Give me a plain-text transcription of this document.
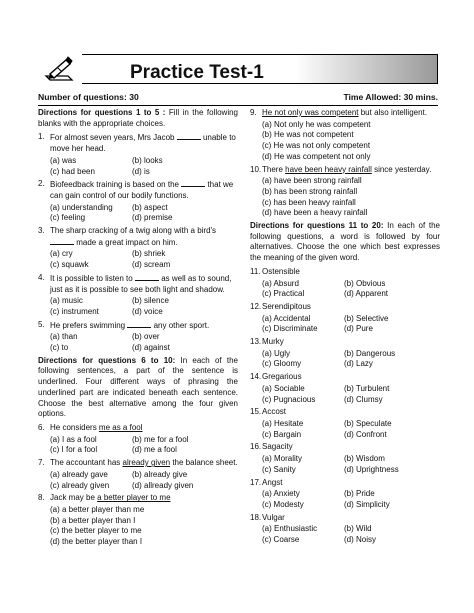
Practice Test-1
Number of questions: 30	Time Allowed: 30 mins.
Directions for questions 1 to 5 : Fill in the following blanks with the appropriate choices.
1. For almost seven years, Mrs Jacob	unable to move her head.
(a) was	(b) looks
(c) had been	(d) is
2. Biofeedback training is based on the	that we can gain control of our bodily functions.
(a) understanding	(b) aspect
(c) feeling	(d) premise
3. The sharp cracking of a twig along with a bird's  made a great impact on him.
(a) cry	(b) shriek
(c) squawk	(d) scream
4. It is possible to listen to	as well as to sound, just as it is possible to see both light and shadow.
(a) music	(b) silence
(c) instrument	(d) voice
5. He prefers swimming	any other sport.
(a) than	(b) over
(c) to	(d) against
Directions for questions 6 to 10: In each of the following sentences, a part of the sentence is underlined. Four different ways of phrasing the underlined part are indicated beneath each sentence. Choose the best alternative among the four given options.
6. He considers me as a fool
(a) I as a fool	(b) me for a fool
(c) I for a fool	(d) me a fool
7. The accountant has already given the balance sheet.
(a) already gave	(b) already give
(c) already given	(d) allready given
8. Jack may be a better player to me
(a) a better player than me
(b) a better player than I
(c) the better player to me
(d) the better player than I
9. He not only was competent but also intelligent.
(a) Not only he was competent
(b) He was not competent
(c) He was not only competent
(d) He was competent not only
10. There have been heavy rainfall since yesterday.
(a) have been strong rainfall
(b) has been strong rainfall
(c) has been heavy rainfall
(d) have been a heavy rainfall
Directions for questions 11 to 20: In each of the following questions, a word is followed by four alternatives. Choose the one which best expresses the meaning of the given word.
11. Ostensible
(a) Absurd	(b) Obvious
(c) Practical	(d) Apparent
12. Serendipitous
(a) Accidental	(b) Selective
(c) Discriminate	(d) Pure
13. Murky
(a) Ugly	(b) Dangerous
(c) Gloomy	(d) Lazy
14. Gregarious
(a) Sociable	(b) Turbulent
(c) Pugnacious	(d) Clumsy
15. Accost
(a) Hesitate	(b) Speculate
(c) Bargain	(d) Confront
16. Sagacity
(a) Morality	(b) Wisdom
(c) Sanity	(d) Uprightness
17. Angst
(a) Anxiety	(b) Pride
(c) Modesty	(d) Simplicity
18. Vulgar
(a) Enthusiastic	(b) Wild
(c) Coarse	(d) Noisy
